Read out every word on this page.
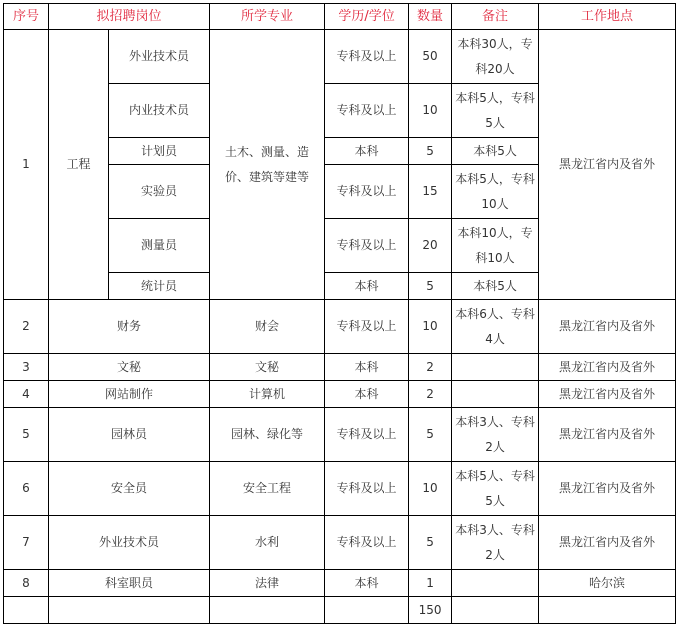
序号	拟招聘岗位		所学专业	学历/学位	数量	备注	工作地点
1	工程	外业技术员	土木、测量、造价、建筑等建等	专科及以上	50	本科30人，专科20人	黑龙江省内及省外
		内业技术员		专科及以上	10	本科5人，专科5人	
		计划员		本科	5	本科5人	
		实验员		专科及以上	15	本科5人，专科10人	
		测量员		专科及以上	20	本科10人，专科10人	
		统计员		本科	5	本科5人	
2	财务		财会	专科及以上	10	本科6人、专科4人	黑龙江省内及省外
3	文秘		文秘	本科	2		黑龙江省内及省外
4	网站制作		计算机	本科	2		黑龙江省内及省外
5	园林员		园林、绿化等	专科及以上	5	本科3人、专科2人	黑龙江省内及省外
6	安全员		安全工程	专科及以上	10	本科5人、专科5人	黑龙江省内及省外
7	外业技术员		水利	专科及以上	5	本科3人、专科2人	黑龙江省内及省外
8	科室职员		法律	本科	1		哈尔滨
					150		
